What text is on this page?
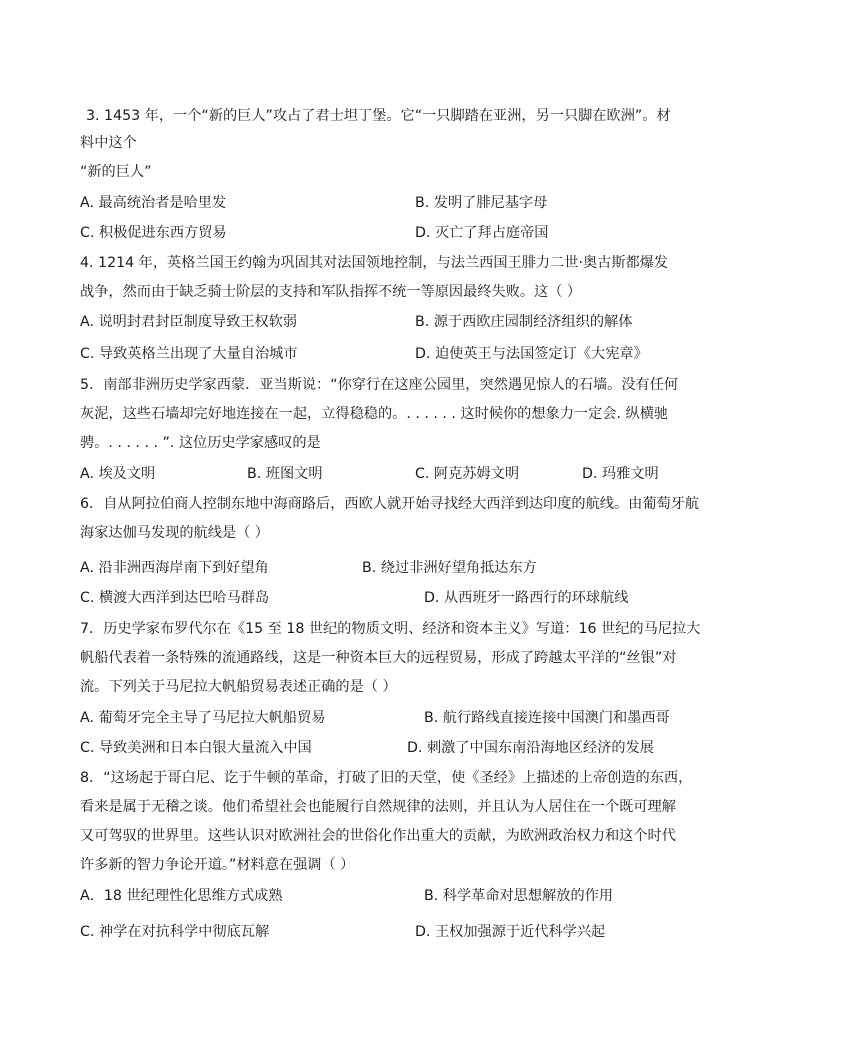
3. 1453 年，一个“新的巨人”攻占了君士坦丁堡。它“一只脚踏在亚洲，另一只脚在欧洲”。材
料中这个
“新的巨人”
A. 最高统治者是哈里发	B. 发明了腓尼基字母
C. 积极促进东西方贸易	D. 灭亡了拜占庭帝国
4. 1214 年，英格兰国王约翰为巩固其对法国领地控制，与法兰西国王腓力二世·奥古斯都爆发
战争，然而由于缺乏骑士阶层的支持和军队指挥不统一等原因最终失败。这（ ）
A. 说明封君封臣制度导致王权软弱	B. 源于西欧庄园制经济组织的解体
C. 导致英格兰出现了大量自治城市	D. 迫使英王与法国签定订《大宪章》
5．南部非洲历史学家西蒙．亚当斯说：“你穿行在这座公园里，突然遇见惊人的石墙。没有任何
灰泥，这些石墙却完好地连接在一起，立得稳稳的。. . . . . . 这时候你的想象力一定会. 纵横驰
骋。. . . . . . ”. 这位历史学家感叹的是
A. 埃及文明	B. 班图文明	C. 阿克苏姆文明	D. 玛雅文明
6．自从阿拉伯商人控制东地中海商路后，西欧人就开始寻找经大西洋到达印度的航线。由葡萄牙航
海家达伽马发现的航线是（ ）
A. 沿非洲西海岸南下到好望角	B. 绕过非洲好望角抵达东方
C. 横渡大西洋到达巴哈马群岛	D. 从西班牙一路西行的环球航线
7．历史学家布罗代尔在《15 至 18 世纪的物质文明、经济和资本主义》写道：16 世纪的马尼拉大
帆船代表着一条特殊的流通路线，这是一种资本巨大的远程贸易，形成了跨越太平洋的“丝银”对
流。下列关于马尼拉大帆船贸易表述正确的是（ ）
A. 葡萄牙完全主导了马尼拉大帆船贸易	B. 航行路线直接连接中国澳门和墨西哥
C. 导致美洲和日本白银大量流入中国	D. 刺激了中国东南沿海地区经济的发展
8．“这场起于哥白尼、讫于牛顿的革命，打破了旧的天堂，使《圣经》上描述的上帝创造的东西，
看来是属于无稽之谈。他们希望社会也能履行自然规律的法则，并且认为人居住在一个既可理解
又可驾驭的世界里。这些认识对欧洲社会的世俗化作出重大的贡献，为欧洲政治权力和这个时代
许多新的智力争论开道。”材料意在强调（ ）
A．18 世纪理性化思维方式成熟	B. 科学革命对思想解放的作用
C. 神学在对抗科学中彻底瓦解	D. 王权加强源于近代科学兴起
